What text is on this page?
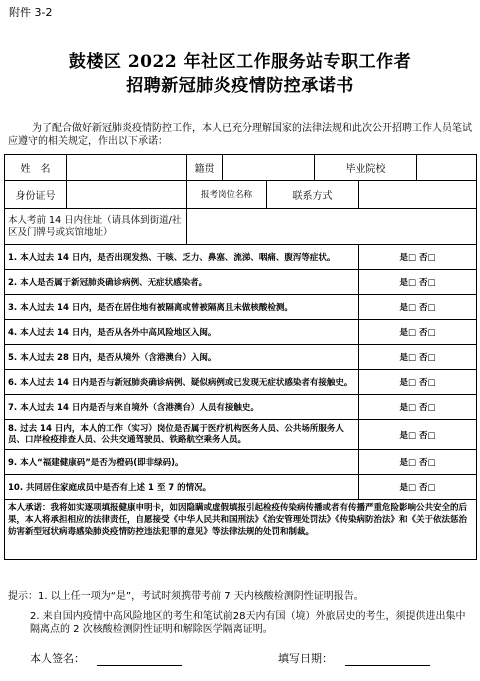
附件 3-2
鼓楼区 2022 年社区工作服务站专职工作者
招聘新冠肺炎疫情防控承诺书
为了配合做好新冠肺炎疫情防控工作，本人已充分理解国家的法律法规和此次公开招聘工作人员笔试应遵守的相关规定，作出以下承诺：
姓　名		籍贯			毕业院校		
身份证号		报考岗位名称		联系方式			
本人考前 14 日内住址（请具体到街道/社区及门牌号或宾馆地址）							
1. 本人过去 14 日内，是否出现发热、干咳、乏力、鼻塞、流涕、咽痛、腹泻等症状。						是□ 否□	
2. 本人是否属于新冠肺炎确诊病例、无症状感染者。						是□ 否□	
3. 本人过去 14 日内，是否在居住地有被隔离或曾被隔离且未做核酸检测。						是□ 否□	
4. 本人过去 14 日内，是否从各外中高风险地区入闽。						是□ 否□	
5. 本人过去 28 日内，是否从境外（含港澳台）入闽。						是□ 否□	
6. 本人过去 14 日内是否与新冠肺炎确诊病例、疑似病例或已发现无症状感染者有接触史。						是□ 否□	
7. 本人过去 14 日内是否与来自境外（含港澳台）人员有接触史。						是□ 否□	
8. 过去 14 日内，本人的工作（实习）岗位是否属于医疗机构医务人员、公共场所服务人员、口岸检疫排查人员、公共交通驾驶员、铁路航空乘务人员。						是□ 否□	
9. 本人“福建健康码”是否为橙码(即非绿码)。						是□ 否□	
10. 共同居住家庭成员中是否有上述 1 至 7 的情况。						是□ 否□	
本人承诺：我将如实逐项填报健康申明卡，如因隐瞒或虚假填报引起检疫传染病传播或者有传播严重危险影响公共安全的后果，本人将承担相应的法律责任，自愿接受《中华人民共和国刑法》《治安管理处罚法》《传染病防治法》和《关于依法惩治妨害新型冠状病毒感染肺炎疫情防控违法犯罪的意见》等法律法规的处罚和制裁。							
提示：1. 以上任一项为“是”，考试时须携带考前 7 天内核酸检测阴性证明报告。
2. 来自国内疫情中高风险地区的考生和笔试前28天内有国（境）外旅居史的考生，须提供进出集中隔离点的 2 次核酸检测阴性证明和解除医学隔离证明。
本人签名：	填写日期：
